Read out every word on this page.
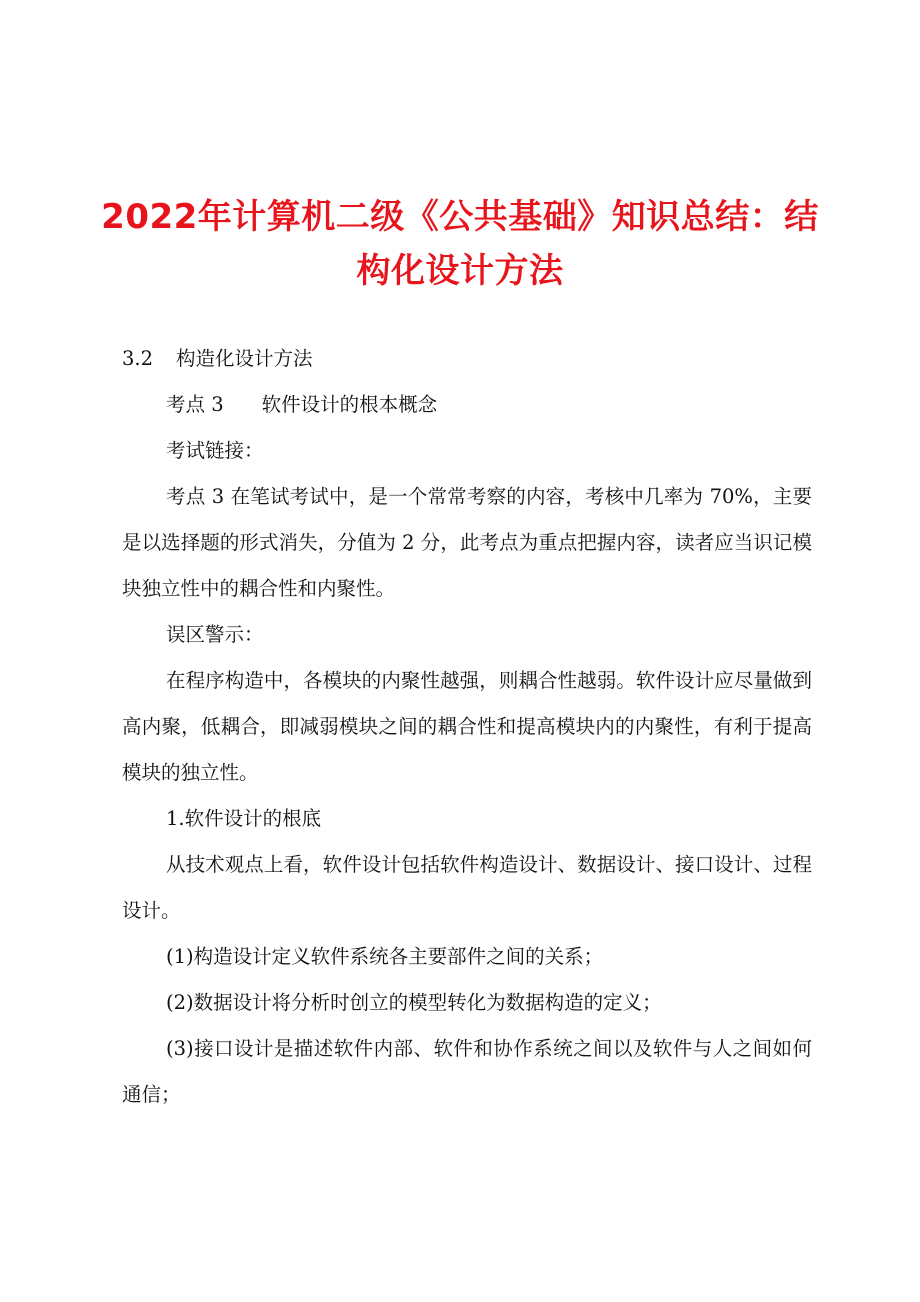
2022年计算机二级《公共基础》知识总结：结构化设计方法

3.2 构造化设计方法

考点 3 软件设计的根本概念

考试链接：

考点 3 在笔试考试中，是一个常常考察的内容，考核中几率为 70%，主要是以选择题的形式消失，分值为 2 分，此考点为重点把握内容，读者应当识记模块独立性中的耦合性和内聚性。

误区警示：

在程序构造中，各模块的内聚性越强，则耦合性越弱。软件设计应尽量做到高内聚，低耦合，即减弱模块之间的耦合性和提高模块内的内聚性，有利于提高模块的独立性。

1.软件设计的根底

从技术观点上看，软件设计包括软件构造设计、数据设计、接口设计、过程设计。

(1)构造设计定义软件系统各主要部件之间的关系；

(2)数据设计将分析时创立的模型转化为数据构造的定义；

(3)接口设计是描述软件内部、软件和协作系统之间以及软件与人之间如何通信；
